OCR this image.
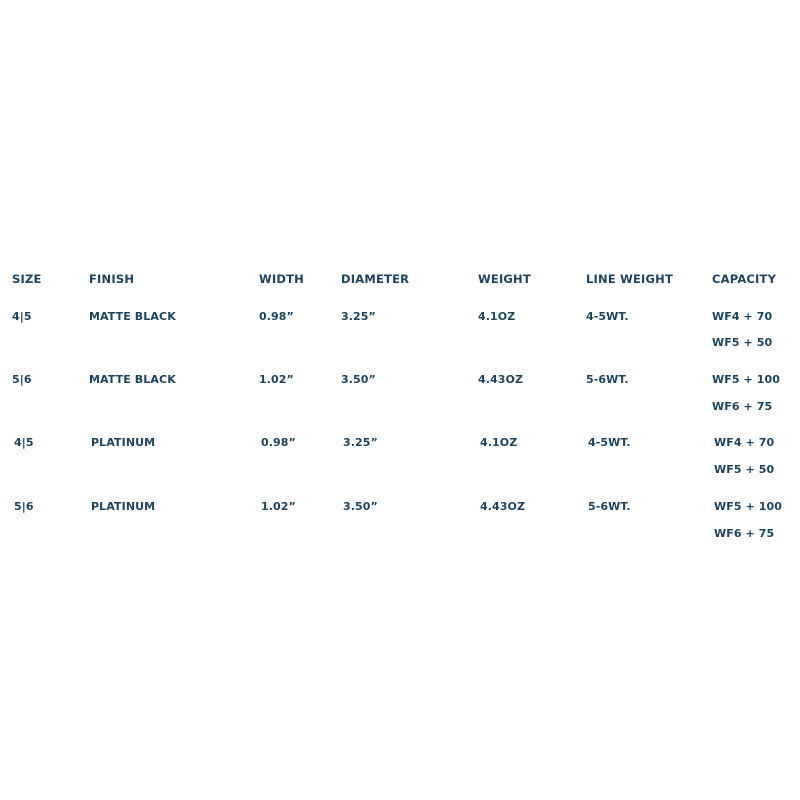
SIZE	FINISH	WIDTH	DIAMETER	WEIGHT	LINE WEIGHT	CAPACITY
4|5	MATTE BLACK	0.98”	3.25”	4.1OZ	4-5WT.	WF4 + 70
WF5 + 50
5|6	MATTE BLACK	1.02”	3.50”	4.43OZ	5-6WT.	WF5 + 100
WF6 + 75
4|5	PLATINUM	0.98”	3.25”	4.1OZ	4-5WT.	WF4 + 70
WF5 + 50
5|6	PLATINUM	1.02”	3.50”	4.43OZ	5-6WT.	WF5 + 100
WF6 + 75
